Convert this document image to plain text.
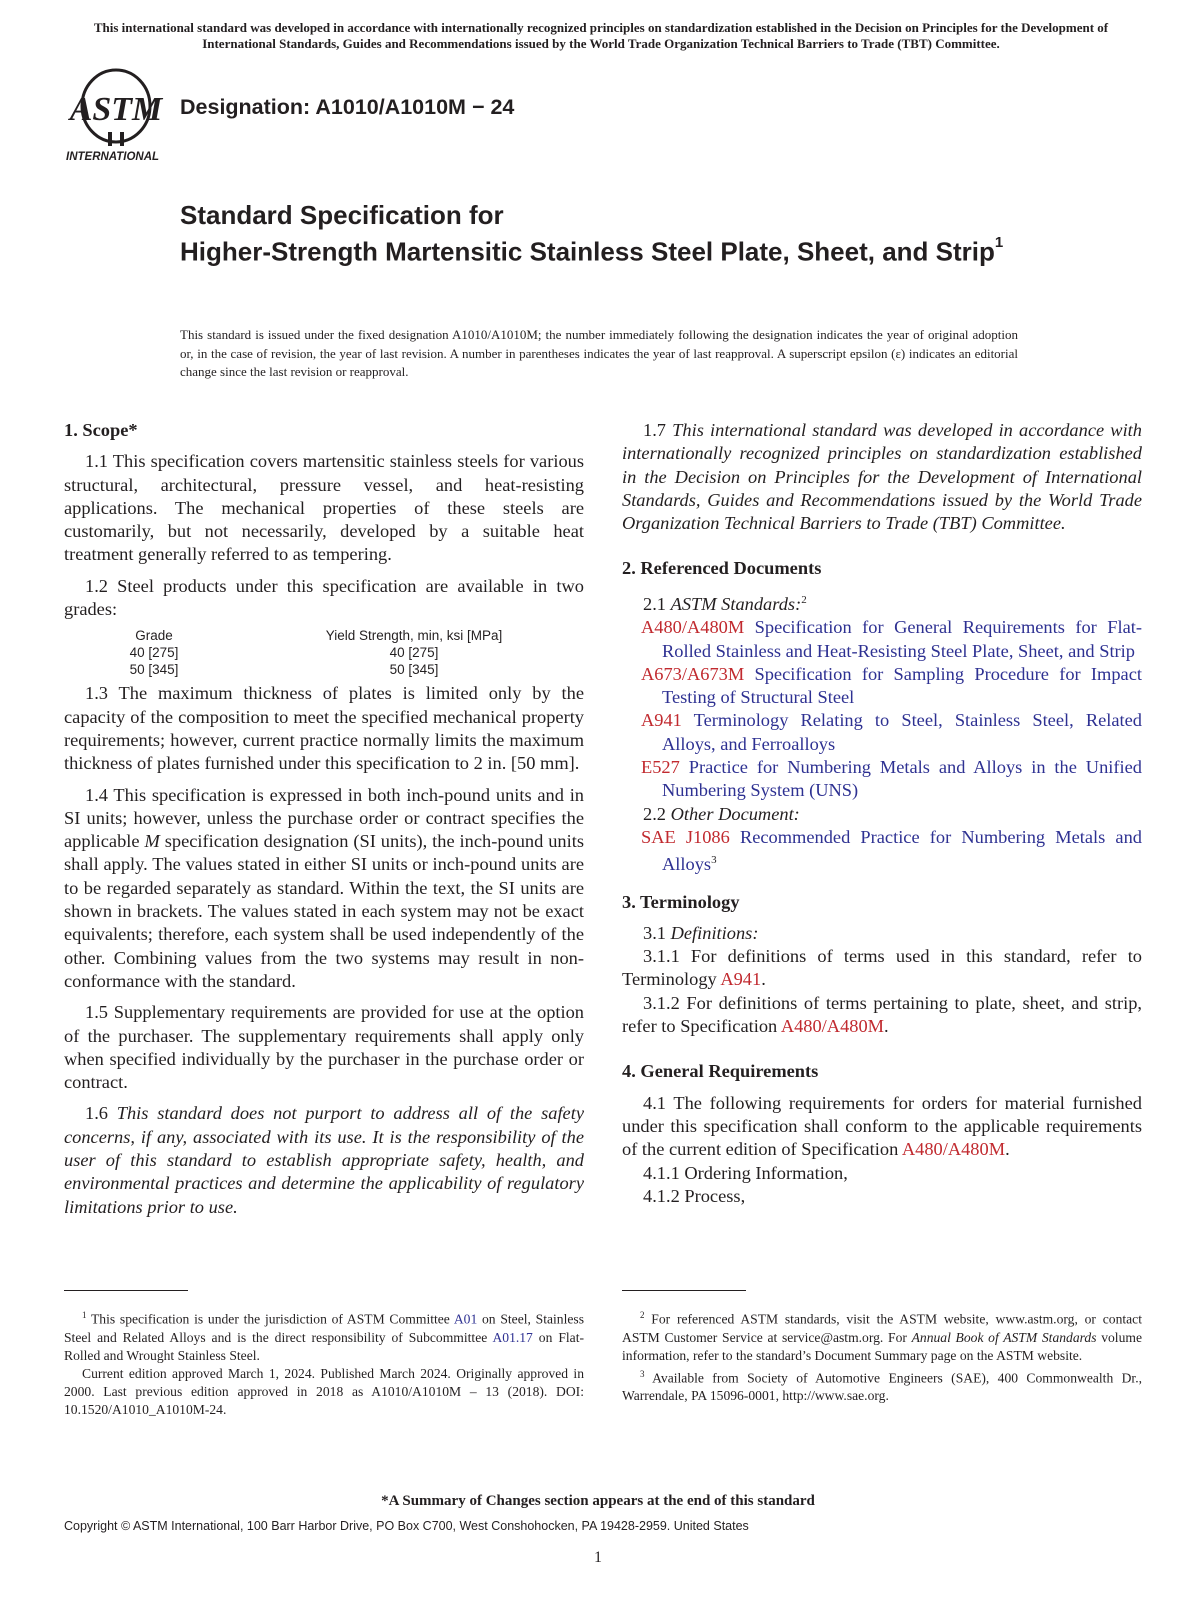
This international standard was developed in accordance with internationally recognized principles on standardization established in the Decision on Principles for the Development of International Standards, Guides and Recommendations issued by the World Trade Organization Technical Barriers to Trade (TBT) Committee.
ASTM
INTERNATIONAL
Designation: A1010/A1010M − 24
Standard Specification for
Higher-Strength Martensitic Stainless Steel Plate, Sheet, and Strip$^1$
This standard is issued under the fixed designation A1010/A1010M; the number immediately following the designation indicates the year of original adoption or, in the case of revision, the year of last revision. A number in parentheses indicates the year of last reapproval. A superscript epsilon (ε) indicates an editorial change since the last revision or reapproval.

1. Scope*

1.1 This specification covers martensitic stainless steels for various structural, architectural, pressure vessel, and heat-resisting applications. The mechanical properties of these steels are customarily, but not necessarily, developed by a suitable heat treatment generally referred to as tempering.

1.2 Steel products under this specification are available in two grades:

Grade	Yield Strength, min, ksi [MPa]
40 [275]	40 [275]
50 [345]	50 [345]

1.3 The maximum thickness of plates is limited only by the capacity of the composition to meet the specified mechanical property requirements; however, current practice normally limits the maximum thickness of plates furnished under this specification to 2 in. [50 mm].

1.4 This specification is expressed in both inch-pound units and in SI units; however, unless the purchase order or contract specifies the applicable M specification designation (SI units), the inch-pound units shall apply. The values stated in either SI units or inch-pound units are to be regarded separately as standard. Within the text, the SI units are shown in brackets. The values stated in each system may not be exact equivalents; therefore, each system shall be used independently of the other. Combining values from the two systems may result in non-conformance with the standard.

1.5 Supplementary requirements are provided for use at the option of the purchaser. The supplementary requirements shall apply only when specified individually by the purchaser in the purchase order or contract.

1.6 This standard does not purport to address all of the safety concerns, if any, associated with its use. It is the responsibility of the user of this standard to establish appropriate safety, health, and environmental practices and determine the applicability of regulatory limitations prior to use.

1.7 This international standard was developed in accordance with internationally recognized principles on standardization established in the Decision on Principles for the Development of International Standards, Guides and Recommendations issued by the World Trade Organization Technical Barriers to Trade (TBT) Committee.

2. Referenced Documents

2.1 ASTM Standards:$^2$

A480/A480M Specification for General Requirements for Flat-Rolled Stainless and Heat-Resisting Steel Plate, Sheet, and Strip

A673/A673M Specification for Sampling Procedure for Impact Testing of Structural Steel

A941 Terminology Relating to Steel, Stainless Steel, Related Alloys, and Ferroalloys

E527 Practice for Numbering Metals and Alloys in the Unified Numbering System (UNS)

2.2 Other Document:

SAE J1086 Recommended Practice for Numbering Metals and Alloys$^3$

3. Terminology

3.1 Definitions:

3.1.1 For definitions of terms used in this standard, refer to Terminology A941.

3.1.2 For definitions of terms pertaining to plate, sheet, and strip, refer to Specification A480/A480M.

4. General Requirements

4.1 The following requirements for orders for material furnished under this specification shall conform to the applicable requirements of the current edition of Specification A480/A480M.

4.1.1 Ordering Information,

4.1.2 Process,

$^1$ This specification is under the jurisdiction of ASTM Committee A01 on Steel, Stainless Steel and Related Alloys and is the direct responsibility of Subcommittee A01.17 on Flat-Rolled and Wrought Stainless Steel.

Current edition approved March 1, 2024. Published March 2024. Originally approved in 2000. Last previous edition approved in 2018 as A1010/A1010M – 13 (2018). DOI: 10.1520/A1010_A1010M-24.

$^2$ For referenced ASTM standards, visit the ASTM website, www.astm.org, or contact ASTM Customer Service at service@astm.org. For Annual Book of ASTM Standards volume information, refer to the standard’s Document Summary page on the ASTM website.

$^3$ Available from Society of Automotive Engineers (SAE), 400 Commonwealth Dr., Warrendale, PA 15096-0001, http://www.sae.org.

*A Summary of Changes section appears at the end of this standard
Copyright © ASTM International, 100 Barr Harbor Drive, PO Box C700, West Conshohocken, PA 19428-2959. United States
1
